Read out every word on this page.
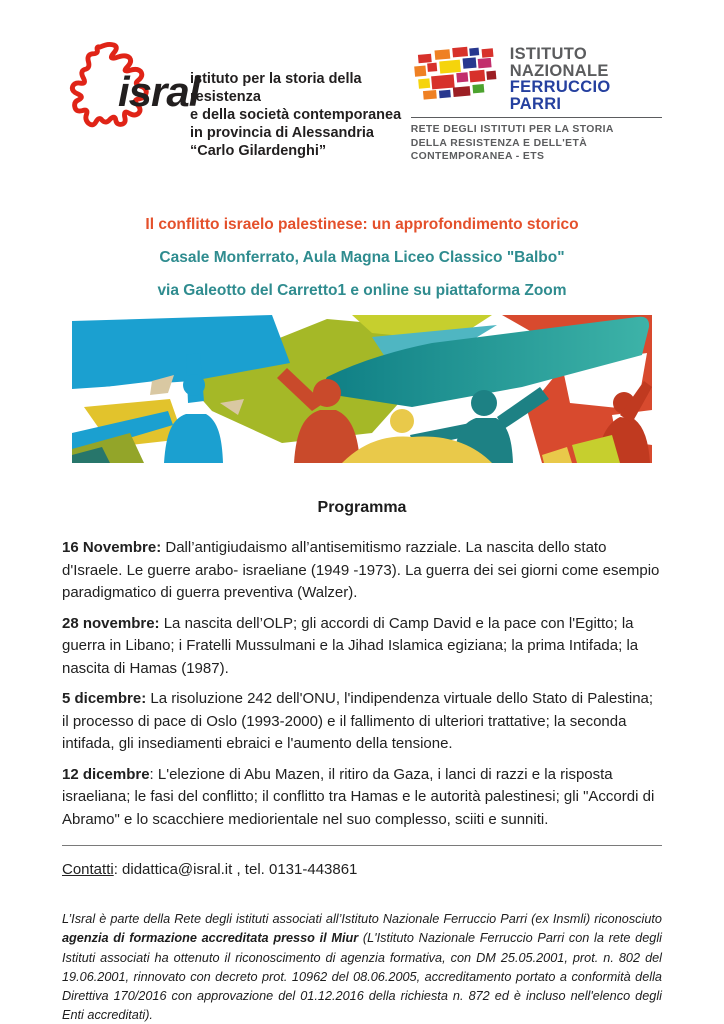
isral
istituto per la storia della resistenza
e della società contemporanea
in provincia di Alessandria
“Carlo Gilardenghi”
ISTITUTO
NAZIONALE
FERRUCCIO
PARRI
RETE DEGLI ISTITUTI PER LA STORIA
DELLA RESISTENZA E DELL'ETÀ
CONTEMPORANEA - ETS
Il conflitto israelo palestinese: un approfondimento storico
Casale Monferrato, Aula Magna Liceo Classico "Balbo"
via Galeotto del Carretto1 e online su piattaforma Zoom
Programma

16 Novembre: Dall’antigiudaismo all’antisemitismo razziale. La nascita dello stato d'Israele. Le guerre arabo- israeliane (1949 -1973). La guerra dei sei giorni come esempio paradigmatico di guerra preventiva (Walzer).

28 novembre: La nascita dell’OLP; gli accordi di Camp David e la pace con l'Egitto; la guerra in Libano; i Fratelli Mussulmani e la Jihad Islamica egiziana; la prima Intifada; la nascita di Hamas (1987).

5 dicembre: La risoluzione 242 dell'ONU, l'indipendenza virtuale dello Stato di Palestina; il processo di pace di Oslo (1993-2000) e il fallimento di ulteriori trattative; la seconda intifada, gli insediamenti ebraici e l'aumento della tensione.

12 dicembre: L'elezione di Abu Mazen, il ritiro da Gaza, i lanci di razzi e la risposta israeliana; le fasi del conflitto; il conflitto tra Hamas e le autorità palestinesi; gli "Accordi di Abramo" e lo scacchiere mediorientale nel suo complesso, sciiti e sunniti.

Contatti: didattica@isral.it , tel. 0131-443861

L’Isral è parte della Rete degli istituti associati all’Istituto Nazionale Ferruccio Parri (ex Insmli) riconosciuto agenzia di formazione accreditata presso il Miur (L'Istituto Nazionale Ferruccio Parri con la rete degli Istituti associati ha ottenuto il riconoscimento di agenzia formativa, con DM 25.05.2001, prot. n. 802 del 19.06.2001, rinnovato con decreto prot. 10962 del 08.06.2005, accreditamento portato a conformità della Direttiva 170/2016 con approvazione del 01.12.2016 della richiesta n. 872 ed è incluso nell'elenco degli Enti accreditati).
